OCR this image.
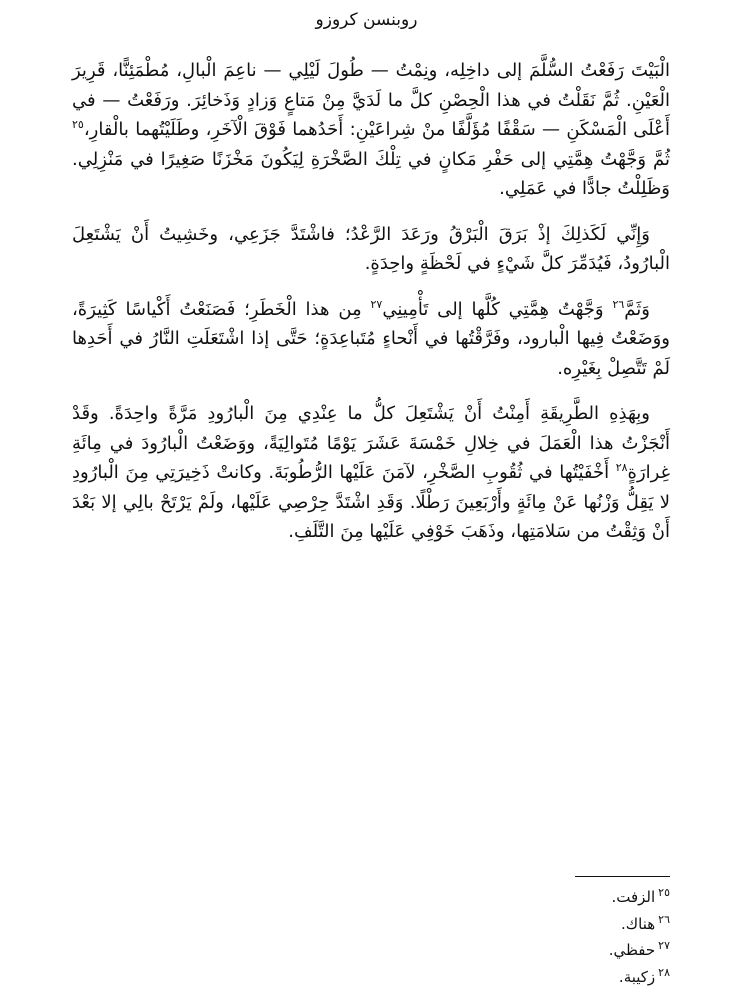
روبنسن كروزو

الْبَيْتَ رَفَعْتُ السُّلَّمَ إلى داخِلِه، ونِمْتُ — طُولَ لَيْلِي — ناعِمَ الْبالِ، مُطْمَئِنًّا، قَرِيرَ الْعَيْنِ. ثُمَّ نَقَلْتُ في هذا الْحِصْنِ كلَّ ما لَدَيَّ مِنْ مَتاعٍ وَزادٍ وَذَخائِرَ. ورَفَعْتُ — في أَعْلَى الْمَسْكَنِ — سَقْفًا مُؤَلَّفًا منْ شِراعَيْنِ: أَحَدُهما فَوْقَ الْآخَرِ، وطَلَيْتُهما بالْقارِ،$^{٢٥}$ ثُمَّ وَجَّهْتُ هِمَّتِي إلى حَفْرِ مَكانٍ في تِلْكَ الصَّخْرَةِ لِيَكُونَ مَخْزَنًا صَغِيرًا في مَنْزِلِي. وَظَلِلْتُ جادًّا في عَمَلِي.

وَإِنِّي لَكَذلِكَ إذْ بَرَقَ الْبَرْقُ ورَعَدَ الرَّعْدُ؛ فاشْتَدَّ جَزَعِي، وخَشِيتُ أَنْ يَشْتَعِلَ الْبارُودُ، فَيُدَمِّرَ كلَّ شَيْءٍ في لَحْظَةٍ واحِدَةٍ.

وَثَمَّ$^{٢٦}$ وَجَّهْتُ هِمَّتِي كُلَّها إلى تَأْمِينِي$^{٢٧}$ مِن هذا الْخَطَرِ؛ فَصَنَعْتُ أَكْياسًا كَثِيرَةً، ووَضَعْتُ فِيها الْبارود، وفَرَّقْتُها في أَنْحاءٍ مُتَباعِدَةٍ؛ حَتَّى إذا اشْتَعَلَتِ النَّارُ في أَحَدِها لَمْ تَتَّصِلْ بِغَيْرِه.

وبِهَذِهِ الطَّرِيقَةِ أَمِنْتُ أَنْ يَشْتَعِلَ كلُّ ما عِنْدِي مِنَ الْبارُودِ مَرَّةً واحِدَةً. وقَدْ أَنْجَزْتُ هذا الْعَمَلَ في خِلالِ خَمْسَةَ عَشَرَ يَوْمًا مُتَوالِيَةً، ووَضَعْتُ الْبارُودَ في مِائَةِ غِرارَةٍ$^{٢٨}$ أَخْفَيْتُها في ثُقُوبِ الصَّخْرِ، لآمَنَ عَلَيْها الرُّطُوبَةَ. وكانتْ ذَخِيرَتِي مِنَ الْبارُودِ لا يَقِلُّ وَزْنُها عَنْ مِائَةٍ وأَرْبَعِينَ رَطْلًا. وَقَدِ اشْتَدَّ حِرْصِي عَلَيْها، ولَمْ يَرْتَحْ بالِي إلا بَعْدَ أَنْ وَثِقْتُ من سَلامَتِها، وذَهَبَ خَوْفِي عَلَيْها مِنَ التَّلَفِ.

$^{٢٥}$الزفت.
$^{٢٦}$هناك.
$^{٢٧}$حفظي.
$^{٢٨}$زكيبة.
